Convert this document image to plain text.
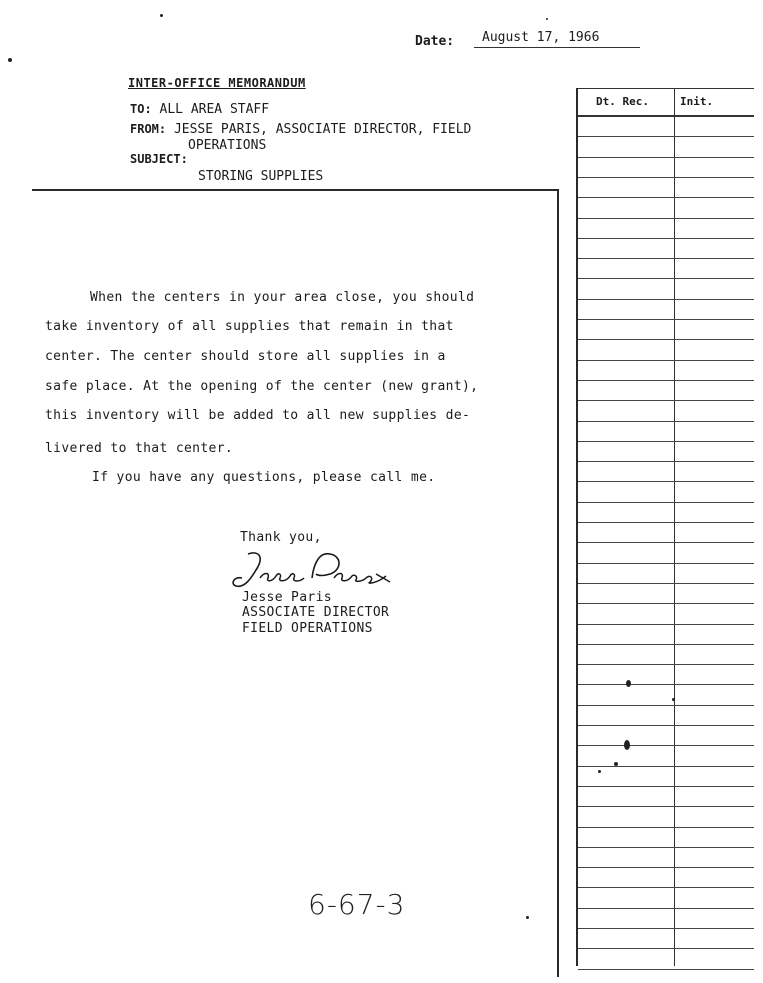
Date: August 17, 1966
INTER-OFFICE MEMORANDUM
TO: ALL AREA STAFF
FROM: JESSE PARIS, ASSOCIATE DIRECTOR, FIELD
OPERATIONS
SUBJECT:
STORING SUPPLIES
When the centers in your area close, you should
take inventory of all supplies that remain in that
center. The center should store all supplies in a
safe place. At the opening of the center (new grant),
this inventory will be added to all new supplies de-
livered to that center.
If you have any questions, please call me.
Thank you,
Jesse Paris
ASSOCIATE DIRECTOR
FIELD OPERATIONS
6-67-3
Dt. Rec.	Init.
